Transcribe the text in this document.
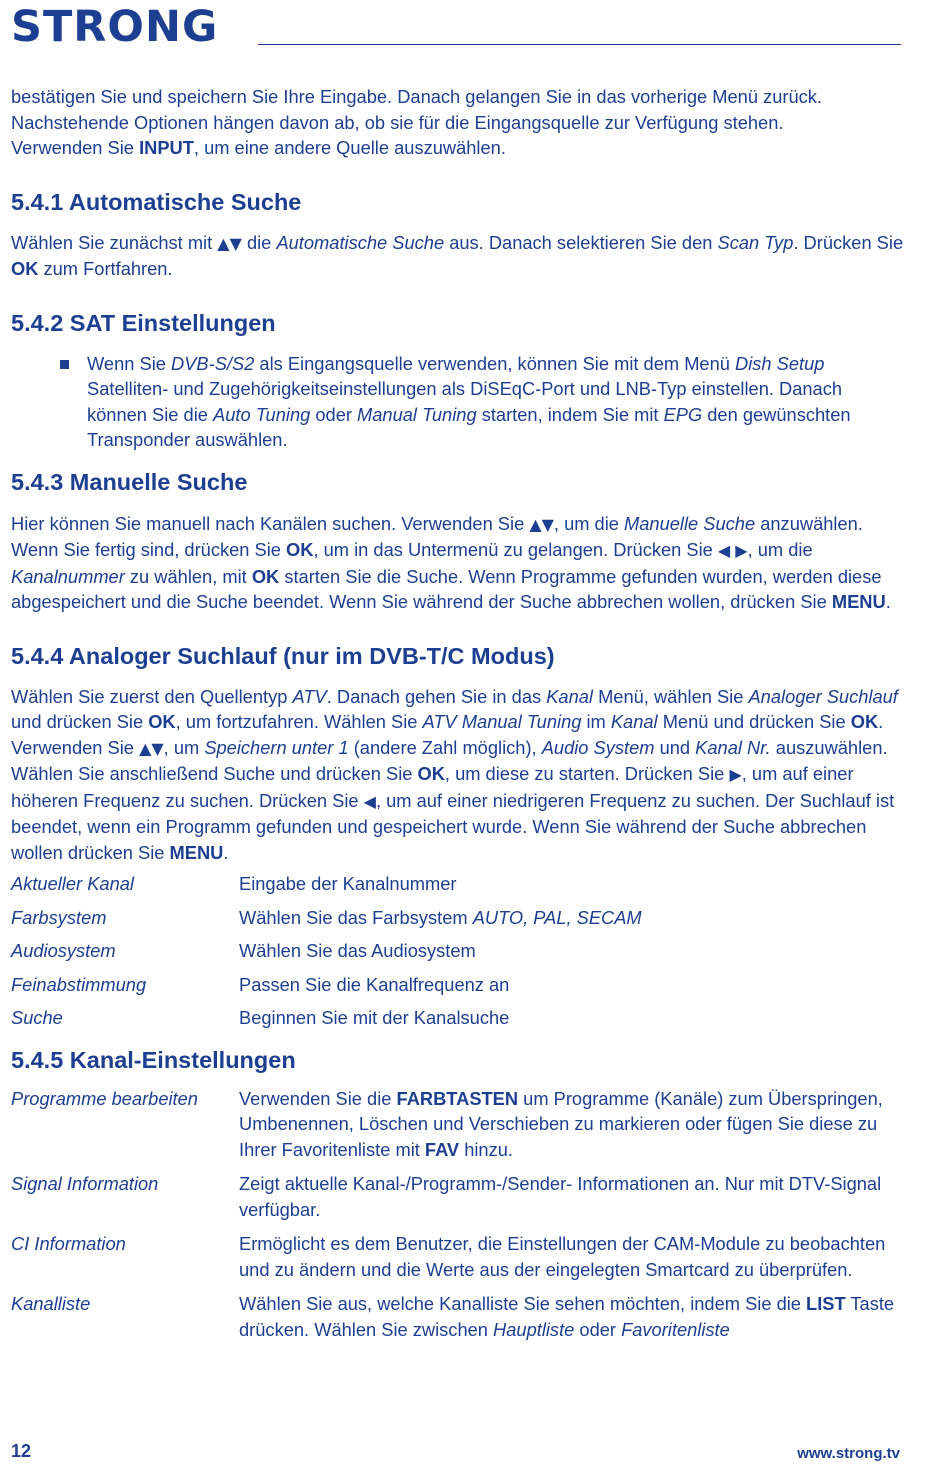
STRONG

bestätigen Sie und speichern Sie Ihre Eingabe. Danach gelangen Sie in das vorherige Menü zurück.
Nachstehende Optionen hängen davon ab, ob sie für die Eingangsquelle zur Verfügung stehen.
Verwenden Sie INPUT, um eine andere Quelle auszuwählen.

5.4.1 Automatische Suche

Wählen Sie zunächst mit ▲▼ die Automatische Suche aus. Danach selektieren Sie den Scan Typ. Drücken Sie OK zum Fortfahren.

5.4.2 SAT Einstellungen

Wenn Sie DVB-S/S2 als Eingangsquelle verwenden, können Sie mit dem Menü Dish Setup Satelliten- und Zugehörigkeitseinstellungen als DiSEqC-Port und LNB-Typ einstellen. Danach können Sie die Auto Tuning oder Manual Tuning starten, indem Sie mit EPG den gewünschten Transponder auswählen.

5.4.3 Manuelle Suche

Hier können Sie manuell nach Kanälen suchen. Verwenden Sie ▲▼, um die Manuelle Suche anzuwählen. Wenn Sie fertig sind, drücken Sie OK, um in das Untermenü zu gelangen. Drücken Sie ◀ ▶, um die Kanalnummer zu wählen, mit OK starten Sie die Suche. Wenn Programme gefunden wurden, werden diese abgespeichert und die Suche beendet. Wenn Sie während der Suche abbrechen wollen, drücken Sie MENU.

5.4.4 Analoger Suchlauf (nur im DVB-T/C Modus)

Wählen Sie zuerst den Quellentyp ATV. Danach gehen Sie in das Kanal Menü, wählen Sie Analoger Suchlauf und drücken Sie OK, um fortzufahren. Wählen Sie ATV Manual Tuning im Kanal Menü und drücken Sie OK. Verwenden Sie ▲▼, um Speichern unter 1 (andere Zahl möglich), Audio System und Kanal Nr. auszuwählen. Wählen Sie anschließend Suche und drücken Sie OK, um diese zu starten. Drücken Sie ▶, um auf einer höheren Frequenz zu suchen. Drücken Sie ◀, um auf einer niedrigeren Frequenz zu suchen. Der Suchlauf ist beendet, wenn ein Programm gefunden und gespeichert wurde. Wenn Sie während der Suche abbrechen wollen drücken Sie MENU.

Aktueller Kanal	Eingabe der Kanalnummer
Farbsystem	Wählen Sie das Farbsystem AUTO, PAL, SECAM
Audiosystem	Wählen Sie das Audiosystem
Feinabstimmung	Passen Sie die Kanalfrequenz an
Suche	Beginnen Sie mit der Kanalsuche
5.4.5 Kanal-Einstellungen
Programme bearbeiten	Verwenden Sie die FARBTASTEN um Programme (Kanäle) zum Überspringen, Umbenennen, Löschen und Verschieben zu markieren oder fügen Sie diese zu Ihrer Favoritenliste mit FAV hinzu.
Signal Information	Zeigt aktuelle Kanal-/Programm-/Sender- Informationen an. Nur mit DTV-Signal verfügbar.
CI Information	Ermöglicht es dem Benutzer, die Einstellungen der CAM-Module zu beobachten und zu ändern und die Werte aus der eingelegten Smartcard zu überprüfen.
Kanalliste	Wählen Sie aus, welche Kanalliste Sie sehen möchten, indem Sie die LIST Taste drücken. Wählen Sie zwischen Hauptliste oder Favoritenliste
12	www.strong.tv
